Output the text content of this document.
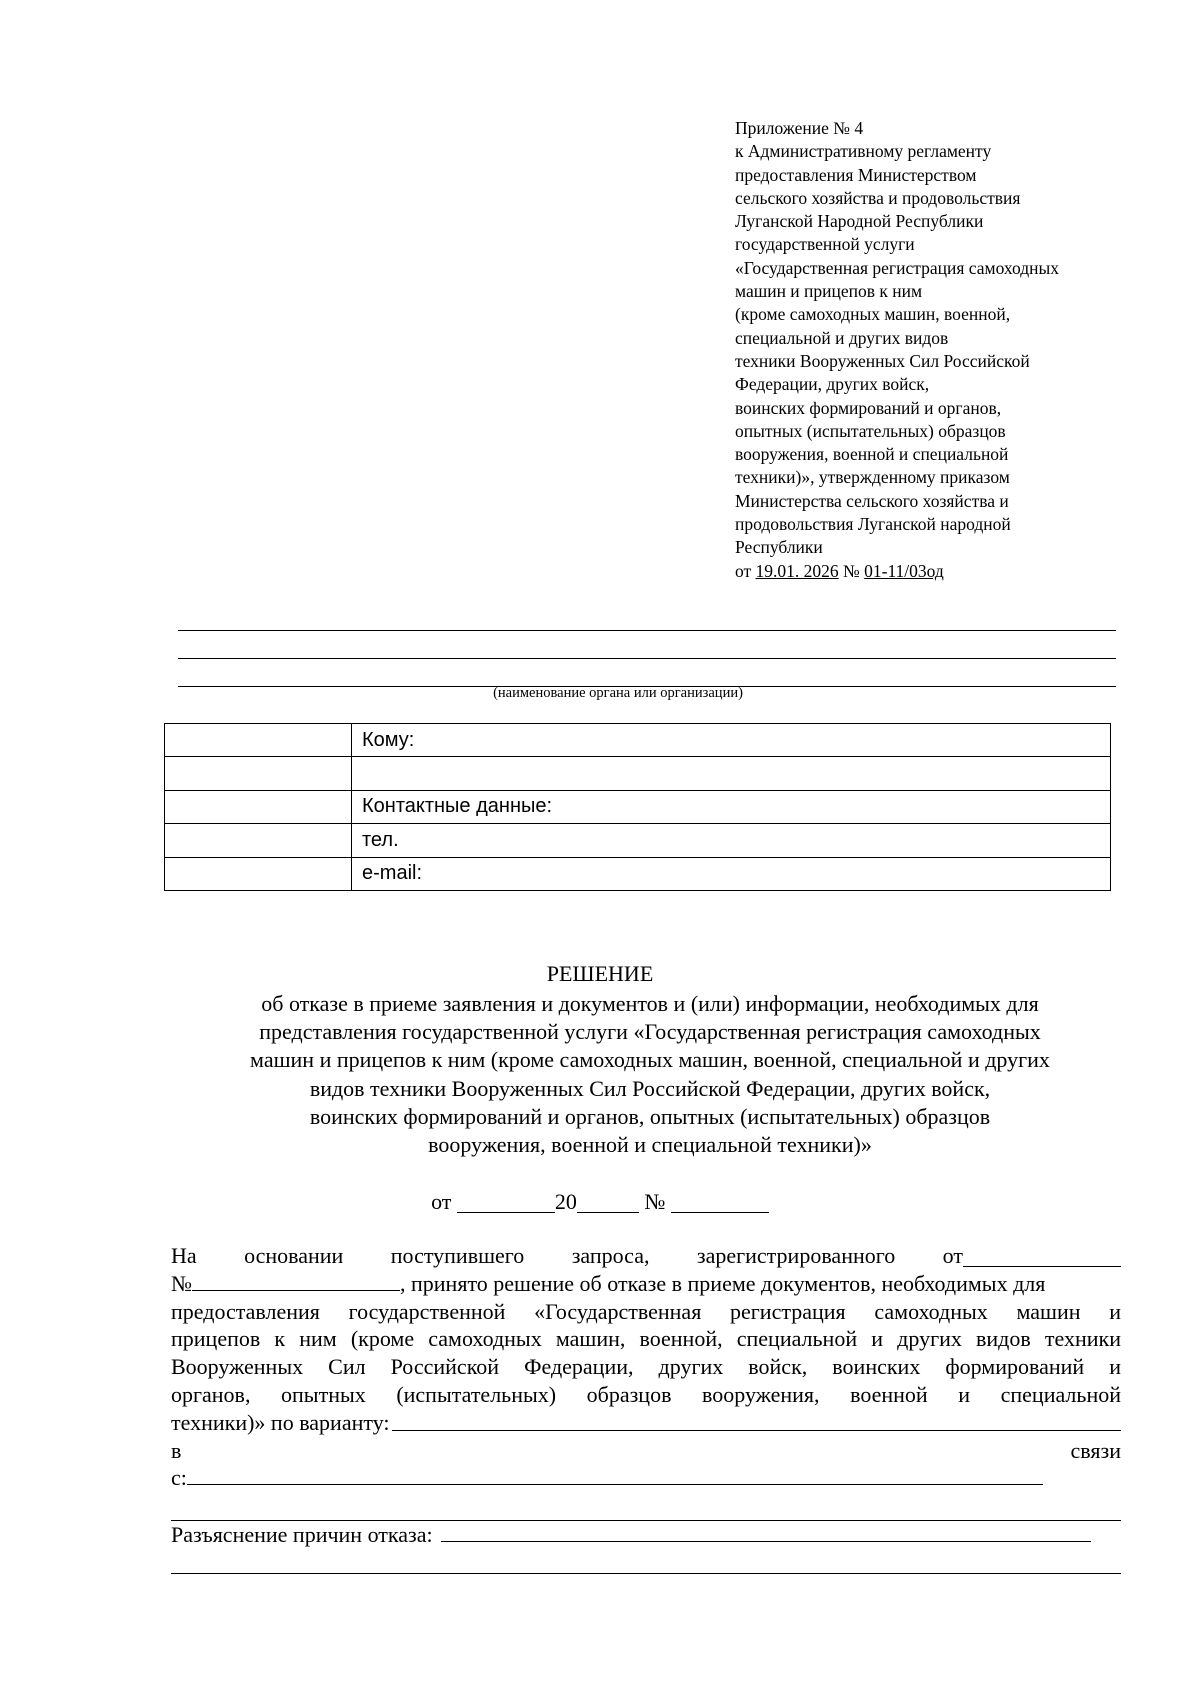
Приложение № 4
к Административному регламенту
предоставления Министерством
сельского хозяйства и продовольствия
Луганской Народной Республики
государственной услуги
«Государственная регистрация самоходных
машин и прицепов к ним
(кроме самоходных машин, военной,
специальной и других видов
техники Вооруженных Сил Российской
Федерации, других войск,
воинских формирований и органов,
опытных (испытательных) образцов
вооружения, военной и специальной
техники)», утвержденному приказом
Министерства сельского хозяйства и
продовольствия Луганской народной
Республики
от 19.01. 2026 № 01-11/03од
(наименование органа или организации)
	Кому:

	Контактные данные:
	тел.
	e-mail:
РЕШЕНИЕ
об отказе в приеме заявления и документов и (или) информации, необходимых для
представления государственной услуги «Государственная регистрация самоходных
машин и прицепов к ним (кроме самоходных машин, военной, специальной и других
видов техники Вооруженных Сил Российской Федерации, других войск,
воинских формирований и органов, опытных (испытательных) образцов
вооружения, военной и специальной техники)»
от	20	№
На основании поступившего запроса, зарегистрированного от
№	, принято решение об отказе в приеме документов, необходимых для
предоставления государственной «Государственная регистрация самоходных машин и
прицепов к ним (кроме самоходных машин, военной, специальной и других видов техники
Вооруженных Сил Российской Федерации, других войск, воинских формирований и
органов, опытных (испытательных) образцов вооружения, военной и специальной
техники)» по варианту:
в	связи
с:
Разъяснение причин отказа:
